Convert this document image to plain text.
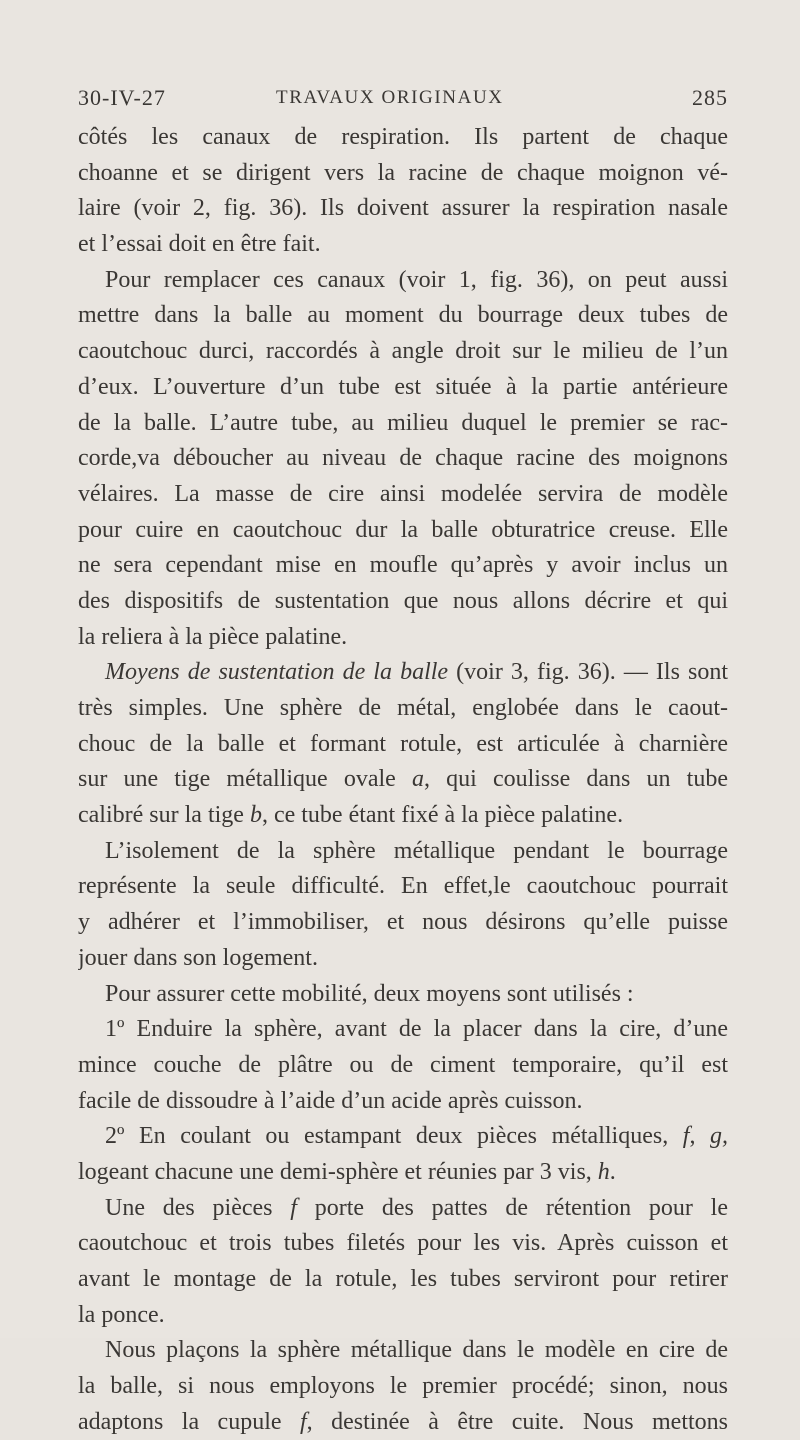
30-IV-27	TRAVAUX ORIGINAUX	285
côtés les canaux de respiration. Ils partent de chaque
choanne et se dirigent vers la racine de chaque moignon vé-
laire (voir 2, fig. 36). Ils doivent assurer la respiration nasale
et l’essai doit en être fait.
Pour remplacer ces canaux (voir 1, fig. 36), on peut aussi
mettre dans la balle au moment du bourrage deux tubes de
caoutchouc durci, raccordés à angle droit sur le milieu de l’un
d’eux. L’ouverture d’un tube est située à la partie antérieure
de la balle. L’autre tube, au milieu duquel le premier se rac-
corde,va déboucher au niveau de chaque racine des moignons
vélaires. La masse de cire ainsi modelée servira de modèle
pour cuire en caoutchouc dur la balle obturatrice creuse. Elle
ne sera cependant mise en moufle qu’après y avoir inclus un
des dispositifs de sustentation que nous allons décrire et qui
la reliera à la pièce palatine.
Moyens de sustentation de la balle (voir 3, fig. 36). — Ils sont
très simples. Une sphère de métal, englobée dans le caout-
chouc de la balle et formant rotule, est articulée à charnière
sur une tige métallique ovale a, qui coulisse dans un tube
calibré sur la tige b, ce tube étant fixé à la pièce palatine.
L’isolement de la sphère métallique pendant le bourrage
représente la seule difficulté. En effet,le caoutchouc pourrait
y adhérer et l’immobiliser, et nous désirons qu’elle puisse
jouer dans son logement.
Pour assurer cette mobilité, deux moyens sont utilisés :
1º Enduire la sphère, avant de la placer dans la cire, d’une
mince couche de plâtre ou de ciment temporaire, qu’il est
facile de dissoudre à l’aide d’un acide après cuisson.
2º En coulant ou estampant deux pièces métalliques, f, g,
logeant chacune une demi-sphère et réunies par 3 vis, h.
Une des pièces f porte des pattes de rétention pour le
caoutchouc et trois tubes filetés pour les vis. Après cuisson et
avant le montage de la rotule, les tubes serviront pour retirer
la ponce.
Nous plaçons la sphère métallique dans le modèle en cire de
la balle, si nous employons le premier procédé; sinon, nous
adaptons la cupule f, destinée à être cuite. Nous mettons
